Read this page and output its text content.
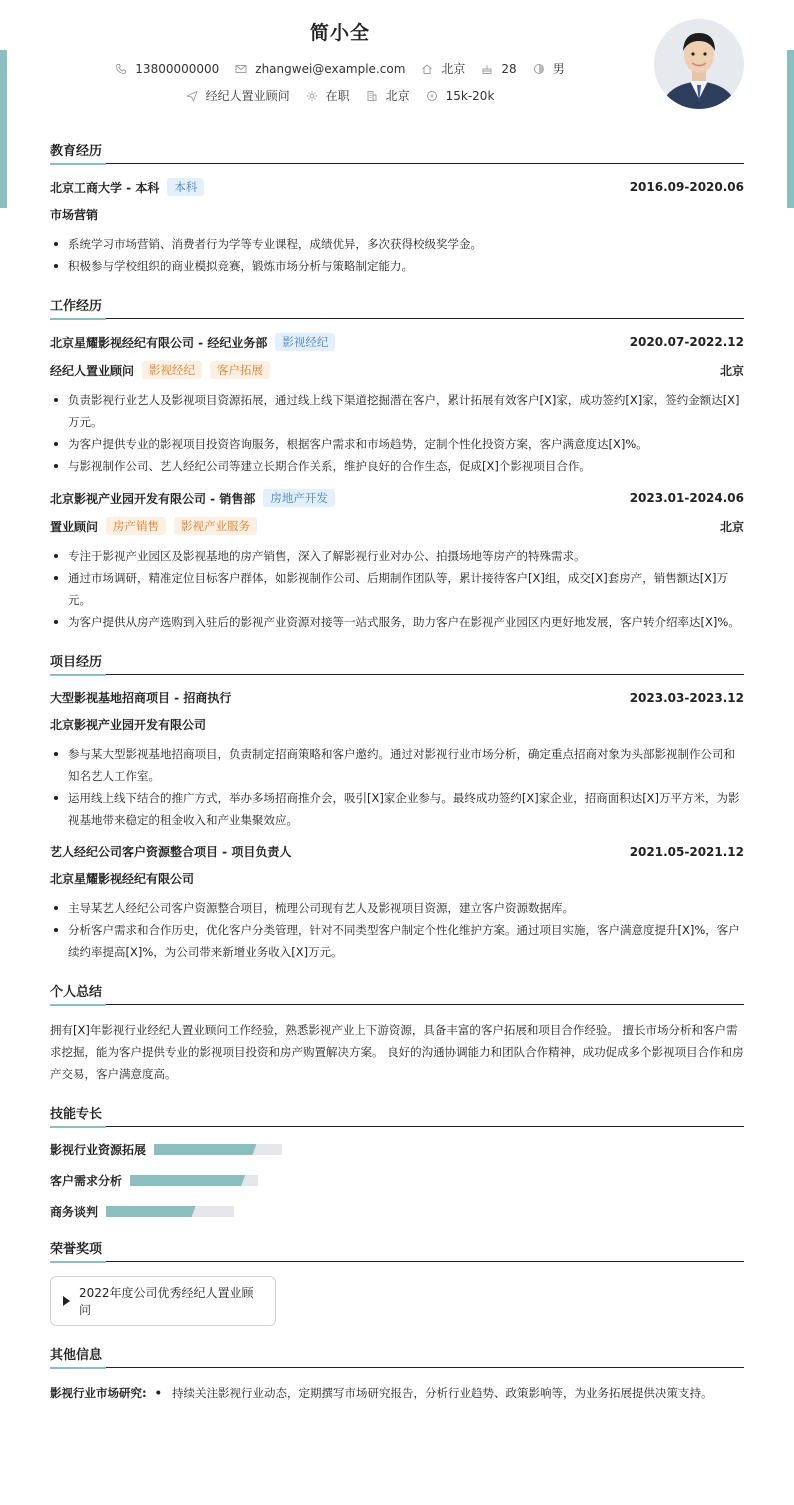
简小全
13800000000	zhangwei@example.com	北京	28	男
经纪人置业顾问	在职	北京	15k-20k
教育经历
北京工商大学 - 本科	本科	2016.09-2020.06
市场营销
系统学习市场营销、消费者行为学等专业课程，成绩优异，多次获得校级奖学金。
积极参与学校组织的商业模拟竞赛，锻炼市场分析与策略制定能力。
工作经历
北京星耀影视经纪有限公司 - 经纪业务部	影视经纪	2020.07-2022.12
经纪人置业顾问	影视经纪	客户拓展	北京
负责影视行业艺人及影视项目资源拓展，通过线上线下渠道挖掘潜在客户，累计拓展有效客户[X]家，成功签约[X]家，签约金额达[X]万元。
为客户提供专业的影视项目投资咨询服务，根据客户需求和市场趋势，定制个性化投资方案，客户满意度达[X]%。
与影视制作公司、艺人经纪公司等建立长期合作关系，维护良好的合作生态，促成[X]个影视项目合作。
北京影视产业园开发有限公司 - 销售部	房地产开发	2023.01-2024.06
置业顾问	房产销售	影视产业服务	北京
专注于影视产业园区及影视基地的房产销售，深入了解影视行业对办公、拍摄场地等房产的特殊需求。
通过市场调研，精准定位目标客户群体，如影视制作公司、后期制作团队等，累计接待客户[X]组，成交[X]套房产，销售额达[X]万元。
为客户提供从房产选购到入驻后的影视产业资源对接等一站式服务，助力客户在影视产业园区内更好地发展，客户转介绍率达[X]%。
项目经历
大型影视基地招商项目 - 招商执行	2023.03-2023.12
北京影视产业园开发有限公司
参与某大型影视基地招商项目，负责制定招商策略和客户邀约。通过对影视行业市场分析，确定重点招商对象为头部影视制作公司和知名艺人工作室。
运用线上线下结合的推广方式，举办多场招商推介会，吸引[X]家企业参与。最终成功签约[X]家企业，招商面积达[X]万平方米，为影视基地带来稳定的租金收入和产业集聚效应。
艺人经纪公司客户资源整合项目 - 项目负责人	2021.05-2021.12
北京星耀影视经纪有限公司
主导某艺人经纪公司客户资源整合项目，梳理公司现有艺人及影视项目资源，建立客户资源数据库。
分析客户需求和合作历史，优化客户分类管理，针对不同类型客户制定个性化维护方案。通过项目实施，客户满意度提升[X]%，客户续约率提高[X]%，为公司带来新增业务收入[X]万元。
个人总结
拥有[X]年影视行业经纪人置业顾问工作经验，熟悉影视产业上下游资源，具备丰富的客户拓展和项目合作经验。 擅长市场分析和客户需求挖掘，能为客户提供专业的影视项目投资和房产购置解决方案。 良好的沟通协调能力和团队合作精神，成功促成多个影视项目合作和房产交易，客户满意度高。
技能专长
影视行业资源拓展
客户需求分析
商务谈判
荣誉奖项
2022年度公司优秀经纪人置业顾问
其他信息
影视行业市场研究: • 持续关注影视行业动态，定期撰写市场研究报告，分析行业趋势、政策影响等，为业务拓展提供决策支持。
